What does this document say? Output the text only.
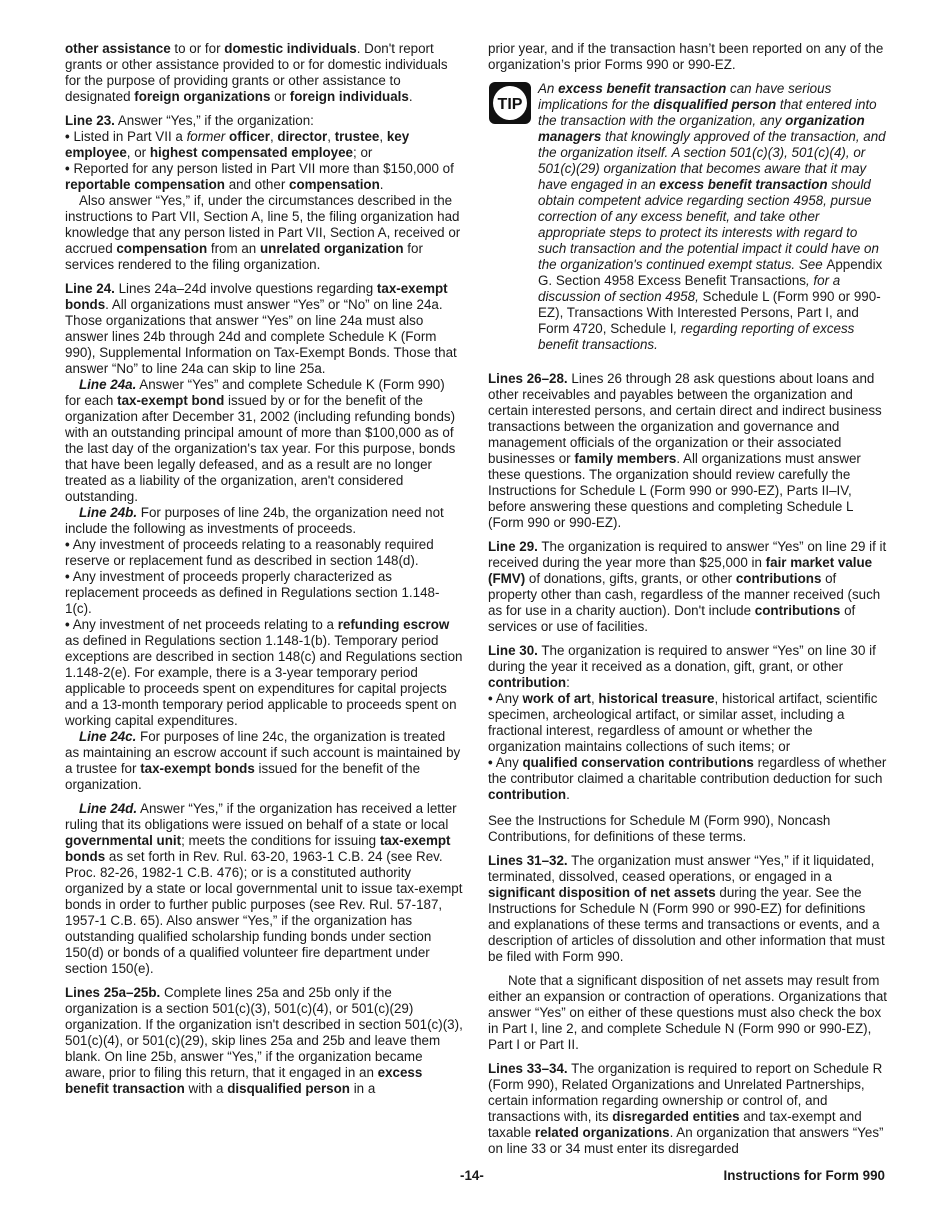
other assistance to or for domestic individuals. Don't report grants or other assistance provided to or for domestic individuals for the purpose of providing grants or other assistance to designated foreign organizations or foreign individuals.

Line 23. Answer “Yes,” if the organization:

• Listed in Part VII a former officer, director, trustee, key employee, or highest compensated employee; or

• Reported for any person listed in Part VII more than $150,000 of reportable compensation and other compensation.

Also answer “Yes,” if, under the circumstances described in the instructions to Part VII, Section A, line 5, the filing organization had knowledge that any person listed in Part VII, Section A, received or accrued compensation from an unrelated organization for services rendered to the filing organization.

Line 24. Lines 24a–24d involve questions regarding tax-exempt bonds. All organizations must answer “Yes” or “No” on line 24a. Those organizations that answer “Yes” on line 24a must also answer lines 24b through 24d and complete Schedule K (Form 990), Supplemental Information on Tax-Exempt Bonds. Those that answer “No” to line 24a can skip to line 25a.

Line 24a. Answer “Yes” and complete Schedule K (Form 990) for each tax-exempt bond issued by or for the benefit of the organization after December 31, 2002 (including refunding bonds) with an outstanding principal amount of more than $100,000 as of the last day of the organization's tax year. For this purpose, bonds that have been legally defeased, and as a result are no longer treated as a liability of the organization, aren't considered outstanding.

Line 24b. For purposes of line 24b, the organization need not include the following as investments of proceeds.

• Any investment of proceeds relating to a reasonably required reserve or replacement fund as described in section 148(d).

• Any investment of proceeds properly characterized as replacement proceeds as defined in Regulations section 1.148-1(c).

• Any investment of net proceeds relating to a refunding escrow as defined in Regulations section 1.148-1(b). Temporary period exceptions are described in section 148(c) and Regulations section 1.148-2(e). For example, there is a 3-year temporary period applicable to proceeds spent on expenditures for capital projects and a 13-month temporary period applicable to proceeds spent on working capital expenditures.

Line 24c. For purposes of line 24c, the organization is treated as maintaining an escrow account if such account is maintained by a trustee for tax-exempt bonds issued for the benefit of the organization.

Line 24d. Answer “Yes,” if the organization has received a letter ruling that its obligations were issued on behalf of a state or local governmental unit; meets the conditions for issuing tax-exempt bonds as set forth in Rev. Rul. 63-20, 1963-1 C.B. 24 (see Rev. Proc. 82-26, 1982-1 C.B. 476); or is a constituted authority organized by a state or local governmental unit to issue tax-exempt bonds in order to further public purposes (see Rev. Rul. 57-187, 1957-1 C.B. 65). Also answer “Yes,” if the organization has outstanding qualified scholarship funding bonds under section 150(d) or bonds of a qualified volunteer fire department under section 150(e).

Lines 25a–25b. Complete lines 25a and 25b only if the organization is a section 501(c)(3), 501(c)(4), or 501(c)(29) organization. If the organization isn't described in section 501(c)(3), 501(c)(4), or 501(c)(29), skip lines 25a and 25b and leave them blank. On line 25b, answer “Yes,” if the organization became aware, prior to filing this return, that it engaged in an excess benefit transaction with a disqualified person in a

prior year, and if the transaction hasn’t been reported on any of the organization’s prior Forms 990 or 990-EZ.

TIP
An excess benefit transaction can have serious implications for the disqualified person that entered into the transaction with the organization, any organization managers that knowingly approved of the transaction, and the organization itself. A section 501(c)(3), 501(c)(4), or 501(c)(29) organization that becomes aware that it may have engaged in an excess benefit transaction should obtain competent advice regarding section 4958, pursue correction of any excess benefit, and take other appropriate steps to protect its interests with regard to such transaction and the potential impact it could have on the organization's continued exempt status. See Appendix G. Section 4958 Excess Benefit Transactions, for a discussion of section 4958, Schedule L (Form 990 or 990-EZ), Transactions With Interested Persons, Part I, and Form 4720, Schedule I, regarding reporting of excess benefit transactions.

Lines 26–28. Lines 26 through 28 ask questions about loans and other receivables and payables between the organization and certain interested persons, and certain direct and indirect business transactions between the organization and governance and management officials of the organization or their associated businesses or family members. All organizations must answer these questions. The organization should review carefully the Instructions for Schedule L (Form 990 or 990-EZ), Parts II–IV, before answering these questions and completing Schedule L (Form 990 or 990-EZ).

Line 29. The organization is required to answer “Yes” on line 29 if it received during the year more than $25,000 in fair market value (FMV) of donations, gifts, grants, or other contributions of property other than cash, regardless of the manner received (such as for use in a charity auction). Don't include contributions of services or use of facilities.

Line 30. The organization is required to answer “Yes” on line 30 if during the year it received as a donation, gift, grant, or other contribution:

• Any work of art, historical treasure, historical artifact, scientific specimen, archeological artifact, or similar asset, including a fractional interest, regardless of amount or whether the organization maintains collections of such items; or

• Any qualified conservation contributions regardless of whether the contributor claimed a charitable contribution deduction for such contribution.

See the Instructions for Schedule M (Form 990), Noncash Contributions, for definitions of these terms.

Lines 31–32. The organization must answer “Yes,” if it liquidated, terminated, dissolved, ceased operations, or engaged in a significant disposition of net assets during the year. See the Instructions for Schedule N (Form 990 or 990-EZ) for definitions and explanations of these terms and transactions or events, and a description of articles of dissolution and other information that must be filed with Form 990.

Note that a significant disposition of net assets may result from either an expansion or contraction of operations. Organizations that answer “Yes” on either of these questions must also check the box in Part I, line 2, and complete Schedule N (Form 990 or 990-EZ), Part I or Part II.

Lines 33–34. The organization is required to report on Schedule R (Form 990), Related Organizations and Unrelated Partnerships, certain information regarding ownership or control of, and transactions with, its disregarded entities and tax-exempt and taxable related organizations. An organization that answers “Yes” on line 33 or 34 must enter its disregarded

-14-	Instructions for Form 990
